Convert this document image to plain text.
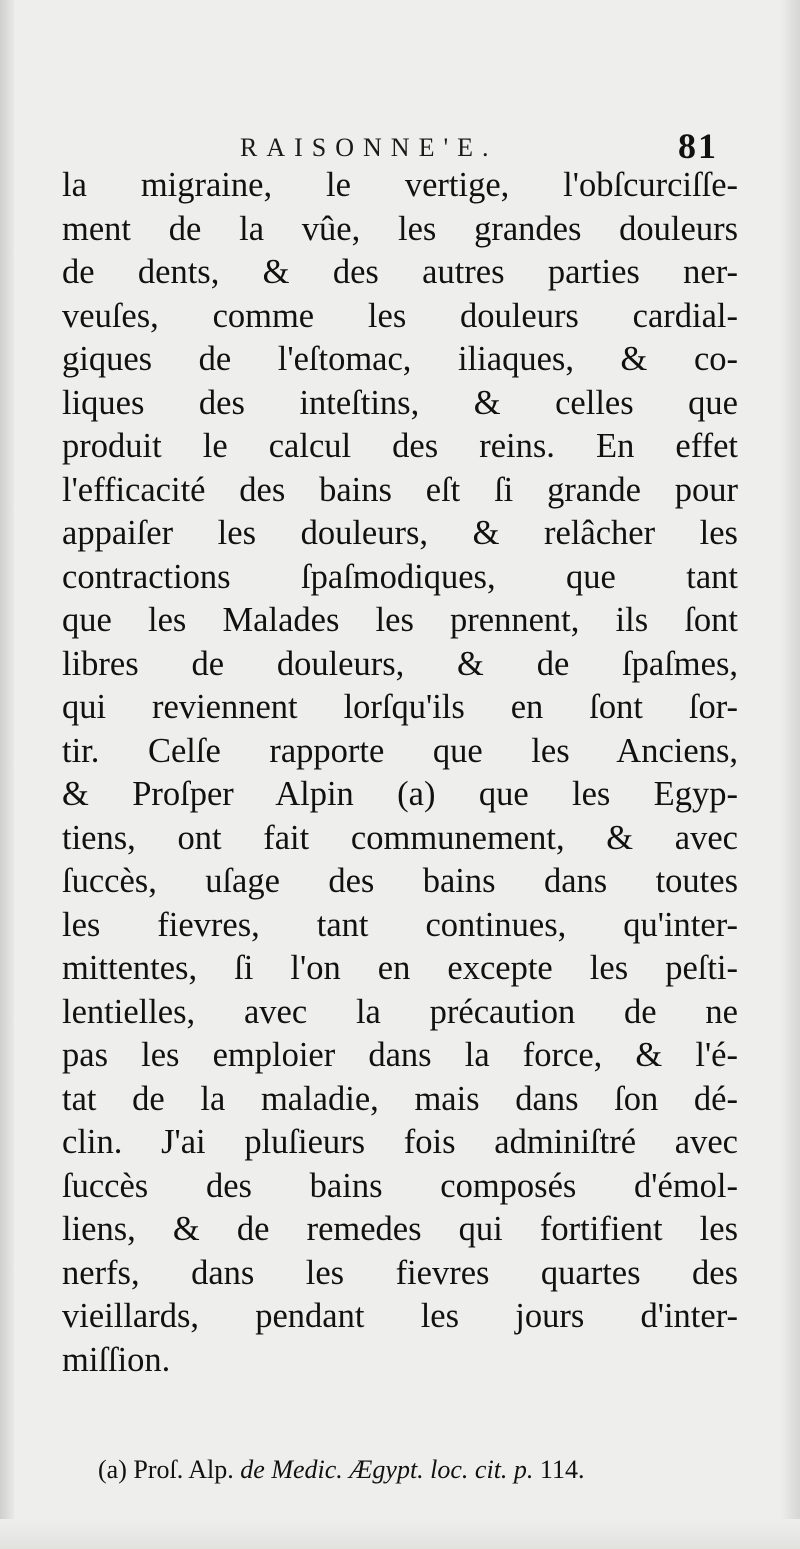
RAISONNE'E.	81
la migraine, le vertige, l'obſcurciſſe-
ment de la vûe, les grandes douleurs
de dents, & des autres parties ner-
veuſes, comme les douleurs cardial-
giques de l'eſtomac, iliaques, & co-
liques des inteſtins, & celles que
produit le calcul des reins. En effet
l'efficacité des bains eſt ſi grande pour
appaiſer les douleurs, & relâcher les
contractions ſpaſmodiques, que tant
que les Malades les prennent, ils ſont
libres de douleurs, & de ſpaſmes,
qui reviennent lorſqu'ils en ſont ſor-
tir. Celſe rapporte que les Anciens,
& Proſper Alpin (a) que les Egyp-
tiens, ont fait communement, & avec
ſuccès, uſage des bains dans toutes
les fievres, tant continues, qu'inter-
mittentes, ſi l'on en excepte les peſti-
lentielles, avec la précaution de ne
pas les emploier dans la force, & l'é-
tat de la maladie, mais dans ſon dé-
clin. J'ai pluſieurs fois adminiſtré avec
ſuccès des bains composés d'émol-
liens, & de remedes qui fortifient les
nerfs, dans les fievres quartes des
vieillards, pendant les jours d'inter-
miſſion.
(a) Proſ. Alp. de Medic. Ægypt. loc. cit. p. 114.
